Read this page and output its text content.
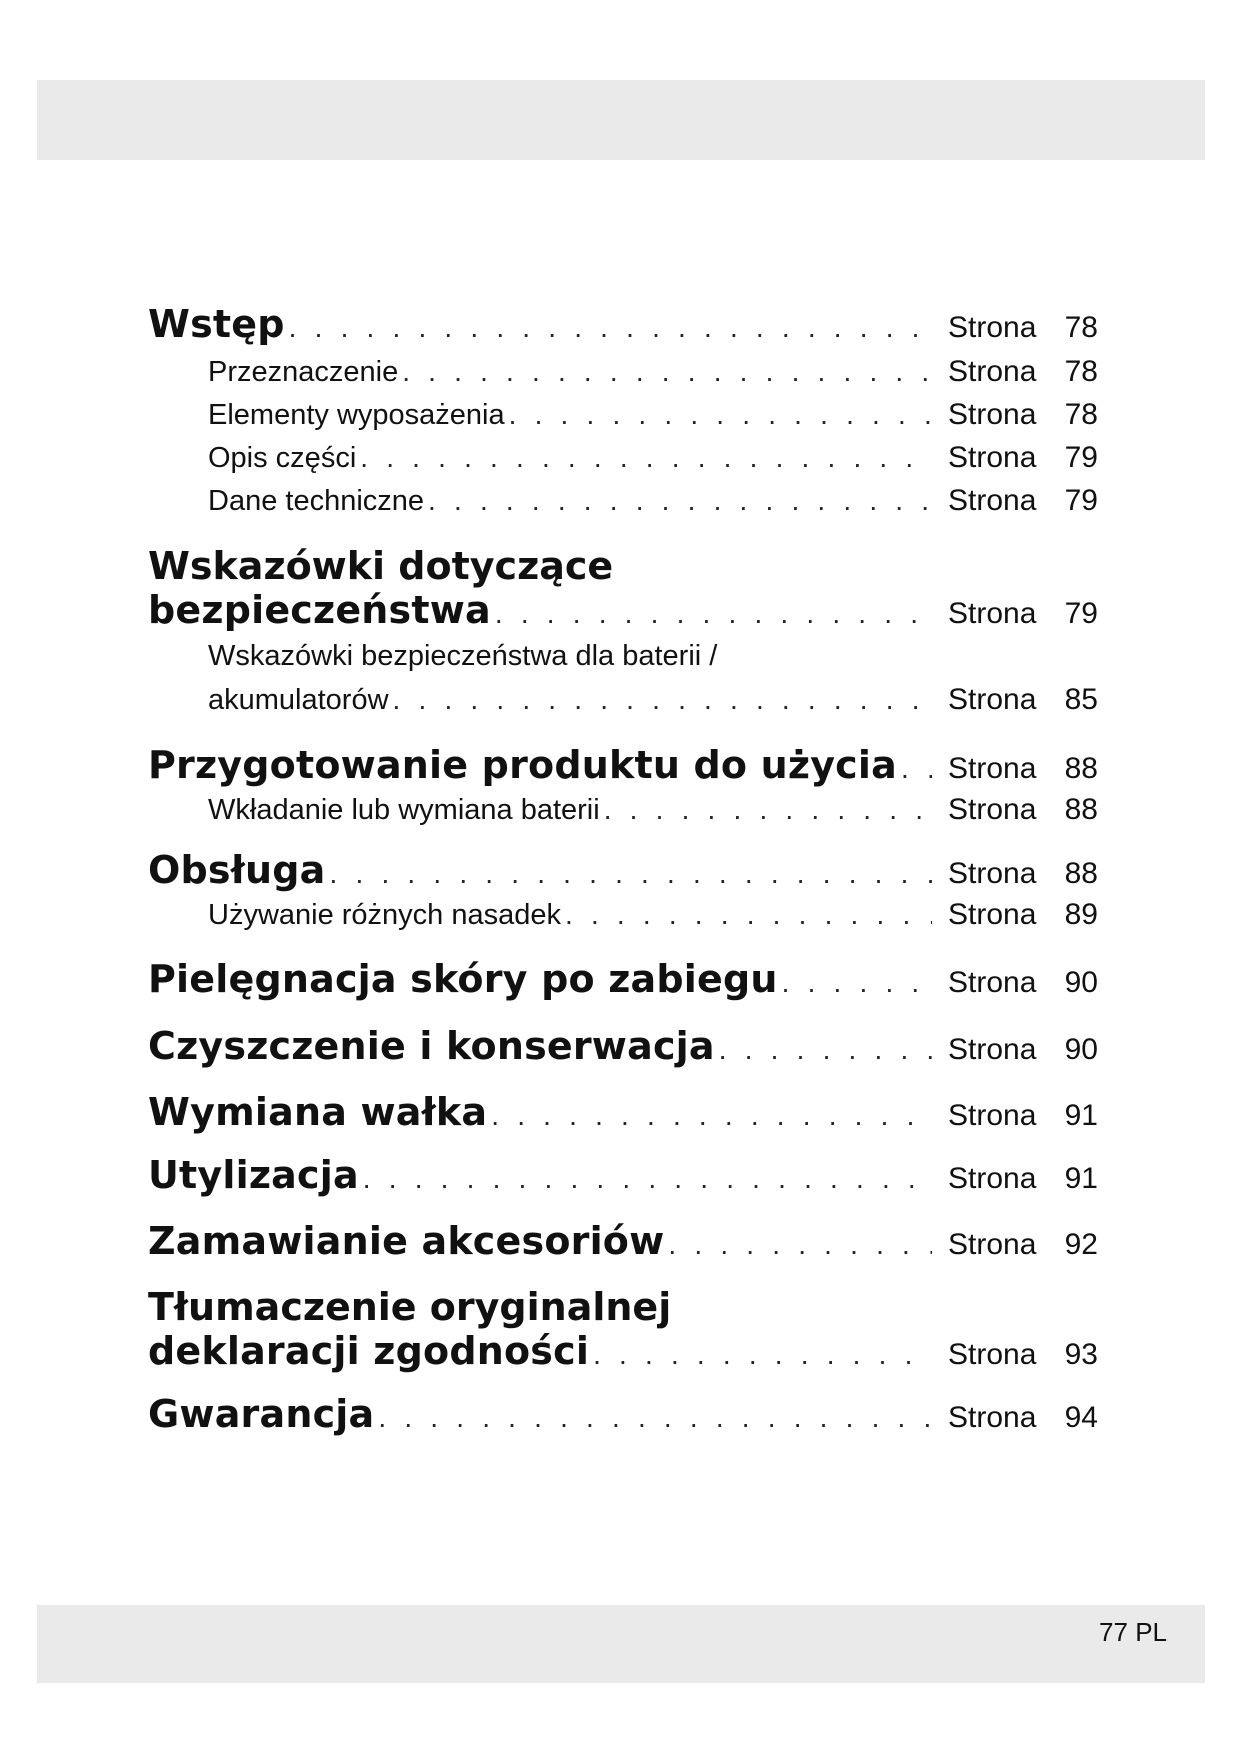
Wstęp . . .	Strona 78
Przeznaczenie . . .	Strona 78
Elementy wyposażenia . . .	Strona 78
Opis części . . .	Strona 79
Dane techniczne . . .	Strona 79
Wskazówki dotyczące
bezpieczeństwa . . .	Strona 79
Wskazówki bezpieczeństwa dla baterii /
akumulatorów . . .	Strona 85
Przygotowanie produktu do użycia . . . Strona 88
Wkładanie lub wymiana baterii . . .	Strona 88
Obsługa . . .	Strona 88
Używanie różnych nasadek . . .	Strona 89
Pielęgnacja skóry po zabiegu . . .	Strona 90
Czyszczenie i konserwacja . . .	Strona 90
Wymiana wałka . . .	Strona 91
Utylizacja . . .	Strona 91
Zamawianie akcesoriów . . .	Strona 92
Tłumaczenie oryginalnej
deklaracji zgodności . . .	Strona 93
Gwarancja . . .	Strona 94
77 PL
